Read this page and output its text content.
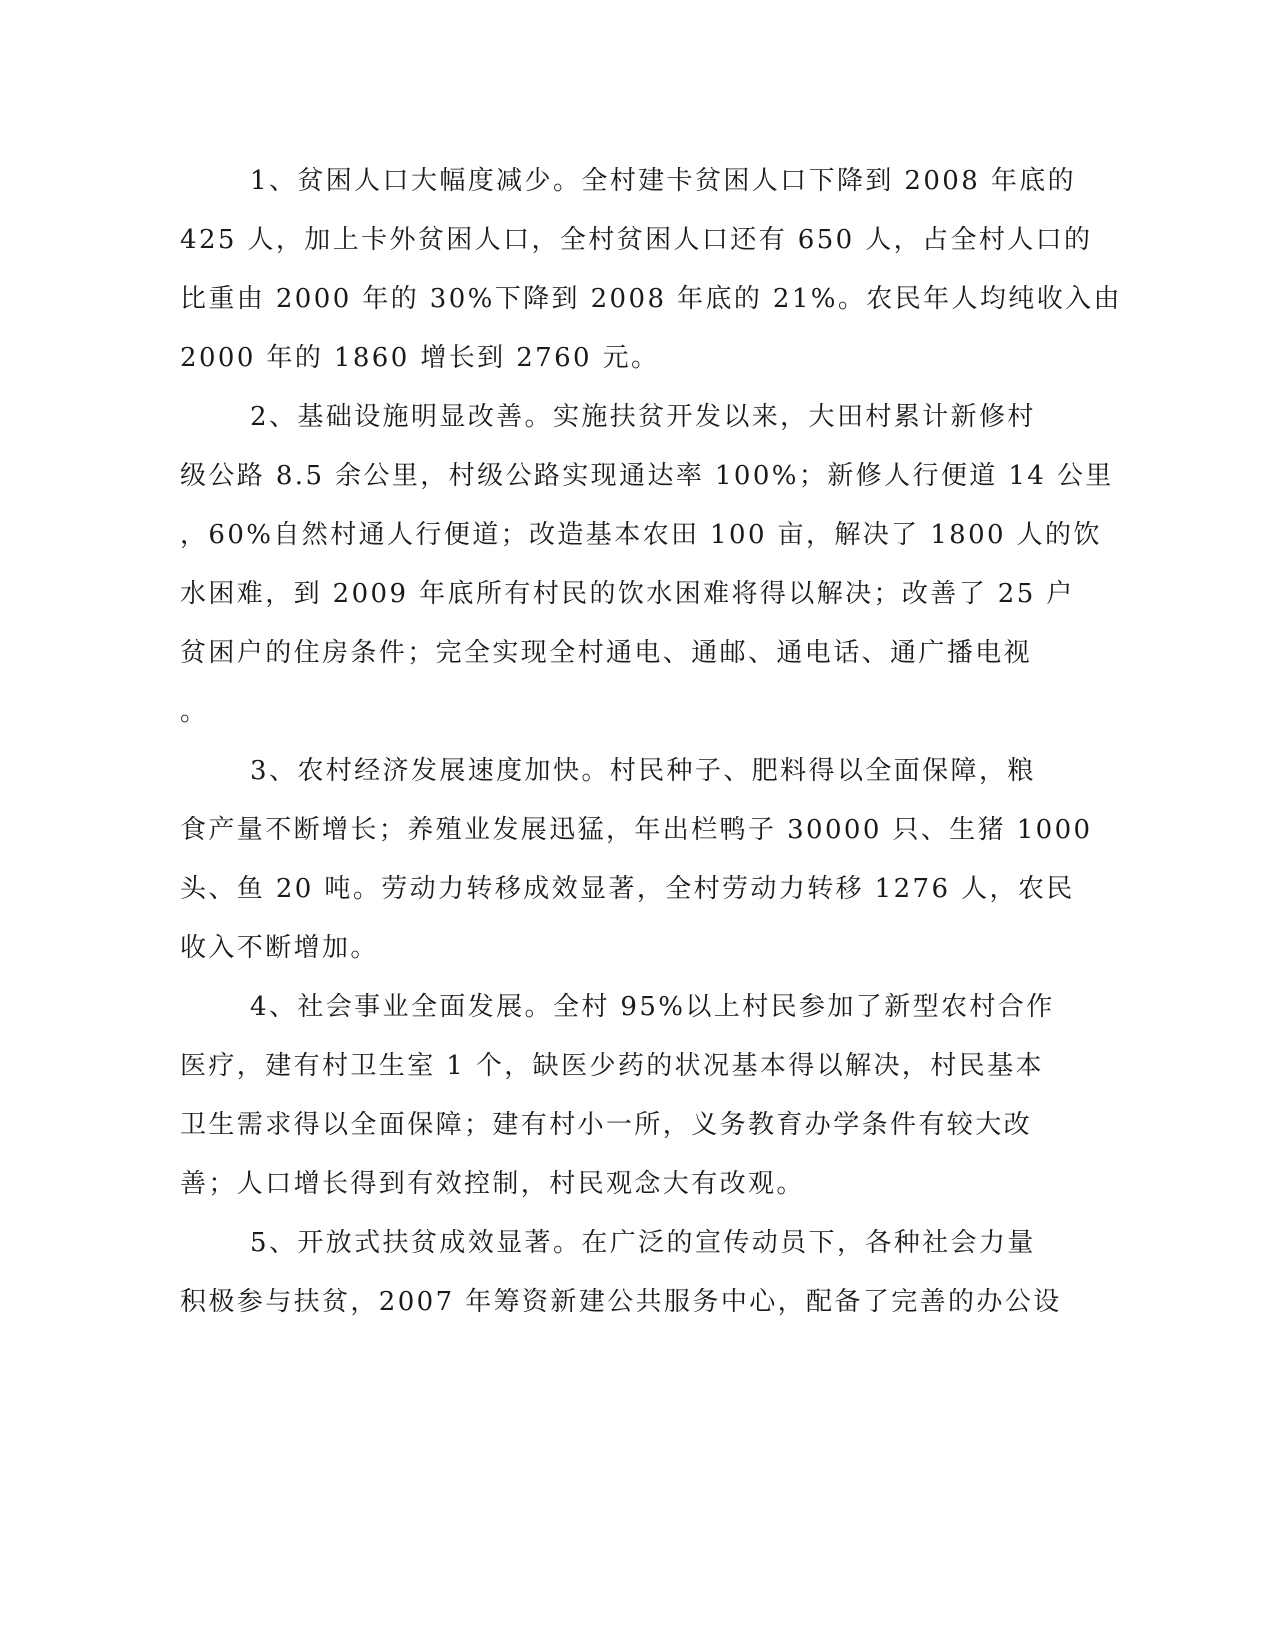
1、贫困人口大幅度减少。全村建卡贫困人口下降到 2008 年底的
425 人，加上卡外贫困人口，全村贫困人口还有 650 人，占全村人口的
比重由 2000 年的 30%下降到 2008 年底的 21%。农民年人均纯收入由
2000 年的 1860 增长到 2760 元。
2、基础设施明显改善。实施扶贫开发以来，大田村累计新修村
级公路 8.5 余公里，村级公路实现通达率 100%；新修人行便道 14 公里
，60%自然村通人行便道；改造基本农田 100 亩，解决了 1800 人的饮
水困难，到 2009 年底所有村民的饮水困难将得以解决；改善了 25 户
贫困户的住房条件；完全实现全村通电、通邮、通电话、通广播电视
。
3、农村经济发展速度加快。村民种子、肥料得以全面保障，粮
食产量不断增长；养殖业发展迅猛，年出栏鸭子 30000 只、生猪 1000
头、鱼 20 吨。劳动力转移成效显著，全村劳动力转移 1276 人，农民
收入不断增加。
4、社会事业全面发展。全村 95%以上村民参加了新型农村合作
医疗，建有村卫生室 1 个，缺医少药的状况基本得以解决，村民基本
卫生需求得以全面保障；建有村小一所，义务教育办学条件有较大改
善；人口增长得到有效控制，村民观念大有改观。
5、开放式扶贫成效显著。在广泛的宣传动员下，各种社会力量
积极参与扶贫，2007 年筹资新建公共服务中心，配备了完善的办公设
